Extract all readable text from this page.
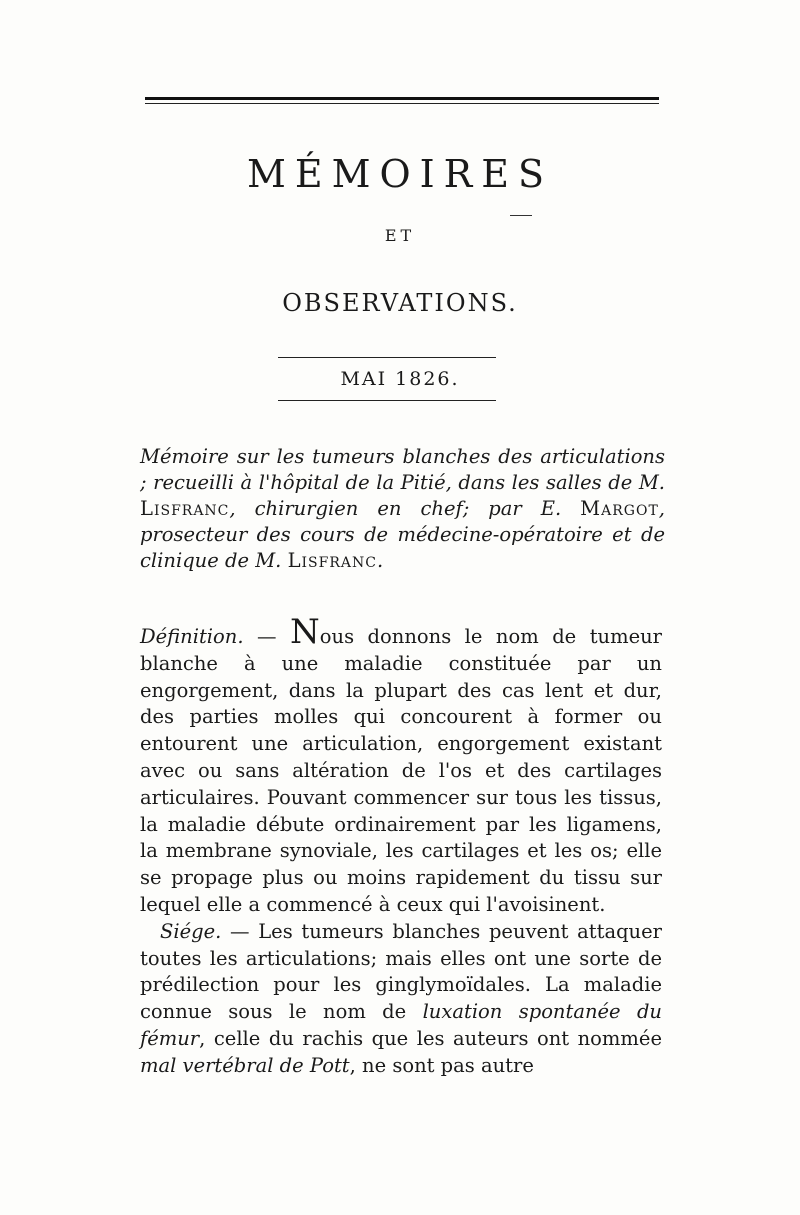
MÉMOIRES
ET
OBSERVATIONS.
MAI 1826.
Mémoire sur les tumeurs blanches des articulations ; recueilli à l'hôpital de la Pitié, dans les salles de M. Lisfranc, chirurgien en chef; par E. Margot, prosecteur des cours de médecine-opératoire et de clinique de M. Lisfranc.

Définition. — Nous donnons le nom de tumeur blanche à une maladie constituée par un engorgement, dans la plupart des cas lent et dur, des parties molles qui concourent à former ou entourent une articulation, engorgement existant avec ou sans altération de l'os et des cartilages articulaires. Pouvant commencer sur tous les tissus, la maladie débute ordinairement par les ligamens, la membrane synoviale, les cartilages et les os; elle se propage plus ou moins rapidement du tissu sur lequel elle a commencé à ceux qui l'avoisinent.

Siége. — Les tumeurs blanches peuvent attaquer toutes les articulations; mais elles ont une sorte de prédilection pour les ginglymoïdales. La maladie connue sous le nom de luxation spontanée du fémur, celle du rachis que les auteurs ont nommée mal vertébral de Pott, ne sont pas autre
